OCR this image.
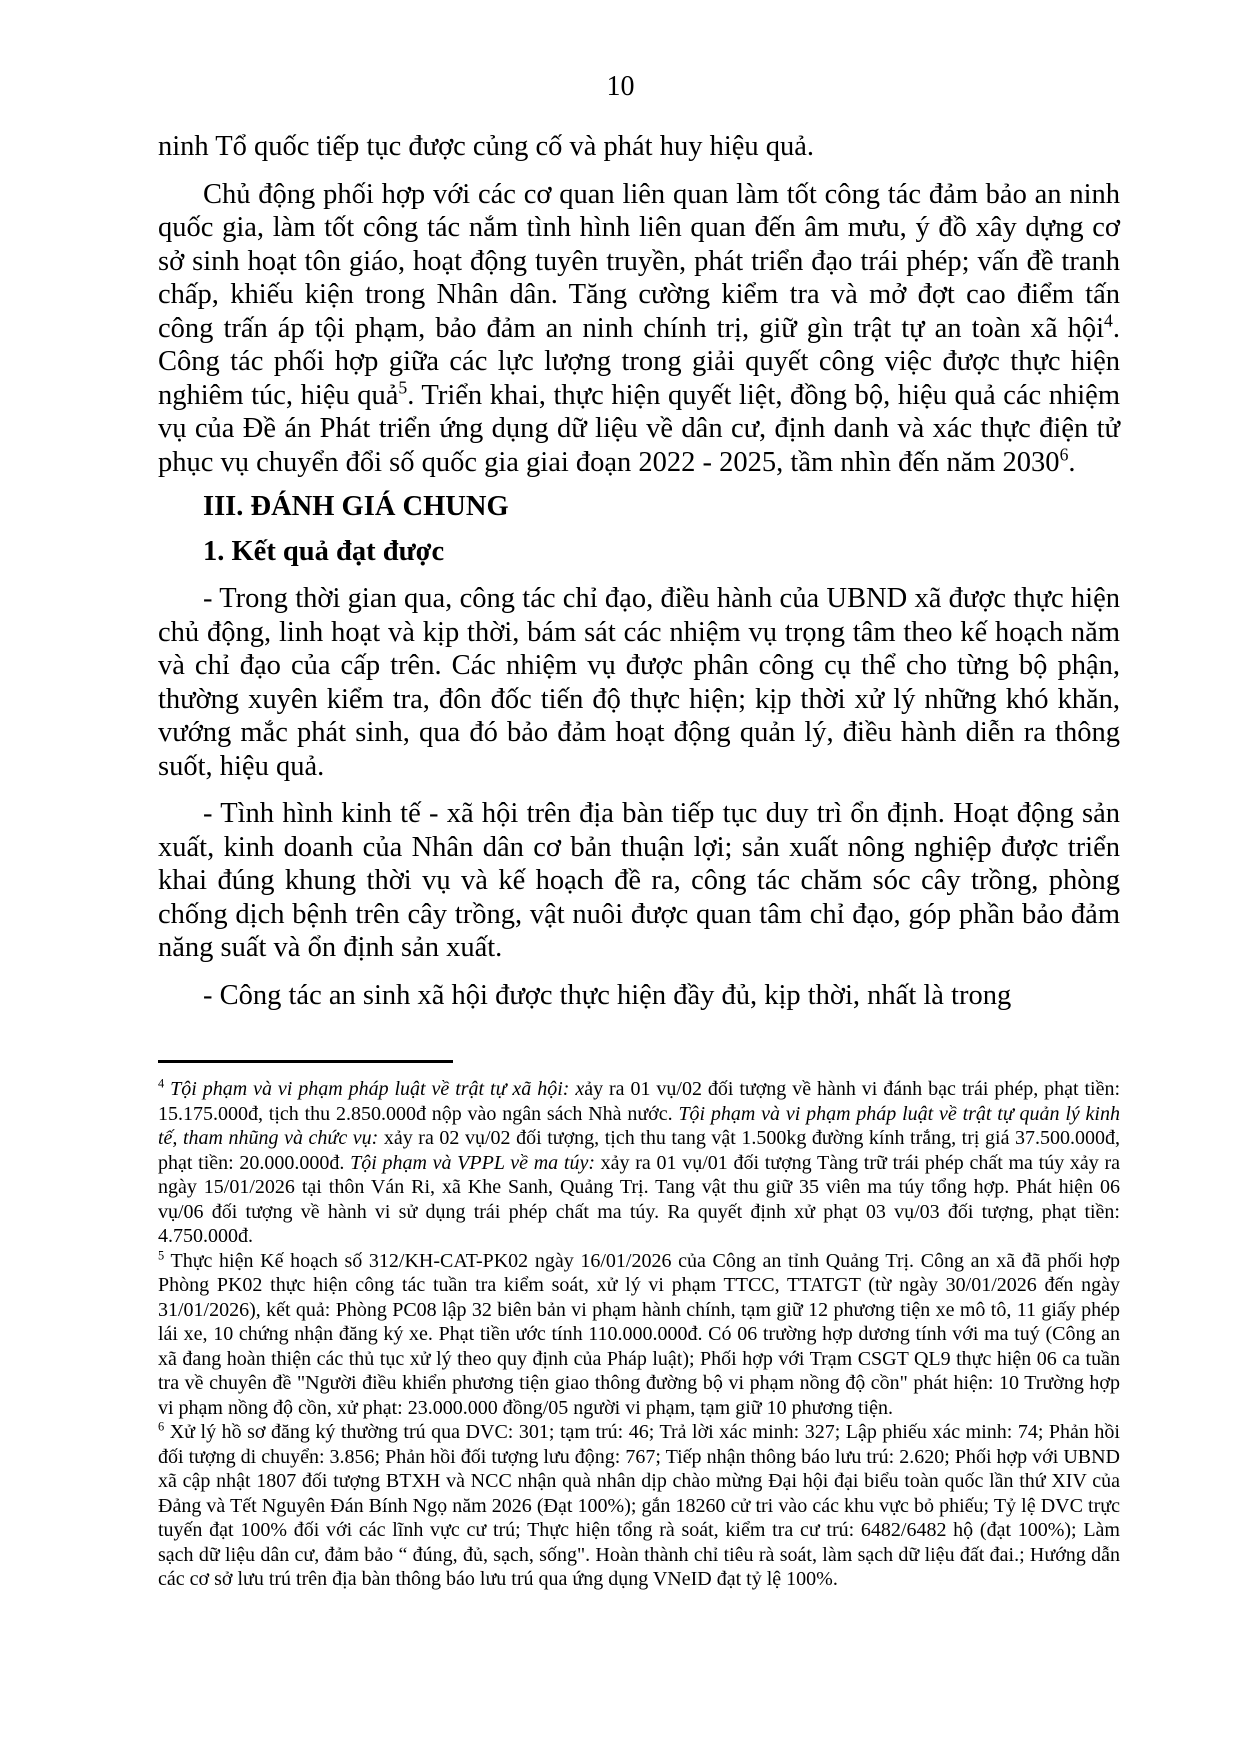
10

ninh Tổ quốc tiếp tục được củng cố và phát huy hiệu quả.

Chủ động phối hợp với các cơ quan liên quan làm tốt công tác đảm bảo an ninh quốc gia, làm tốt công tác nắm tình hình liên quan đến âm mưu, ý đồ xây dựng cơ sở sinh hoạt tôn giáo, hoạt động tuyên truyền, phát triển đạo trái phép; vấn đề tranh chấp, khiếu kiện trong Nhân dân. Tăng cường kiểm tra và mở đợt cao điểm tấn công trấn áp tội phạm, bảo đảm an ninh chính trị, giữ gìn trật tự an toàn xã hội$^4$. Công tác phối hợp giữa các lực lượng trong giải quyết công việc được thực hiện nghiêm túc, hiệu quả$^5$. Triển khai, thực hiện quyết liệt, đồng bộ, hiệu quả các nhiệm vụ của Đề án Phát triển ứng dụng dữ liệu về dân cư, định danh và xác thực điện tử phục vụ chuyển đổi số quốc gia giai đoạn 2022 - 2025, tầm nhìn đến năm 2030$^6$.

III. ĐÁNH GIÁ CHUNG

1. Kết quả đạt được

- Trong thời gian qua, công tác chỉ đạo, điều hành của UBND xã được thực hiện chủ động, linh hoạt và kịp thời, bám sát các nhiệm vụ trọng tâm theo kế hoạch năm và chỉ đạo của cấp trên. Các nhiệm vụ được phân công cụ thể cho từng bộ phận, thường xuyên kiểm tra, đôn đốc tiến độ thực hiện; kịp thời xử lý những khó khăn, vướng mắc phát sinh, qua đó bảo đảm hoạt động quản lý, điều hành diễn ra thông suốt, hiệu quả.

- Tình hình kinh tế - xã hội trên địa bàn tiếp tục duy trì ổn định. Hoạt động sản xuất, kinh doanh của Nhân dân cơ bản thuận lợi; sản xuất nông nghiệp được triển khai đúng khung thời vụ và kế hoạch đề ra, công tác chăm sóc cây trồng, phòng chống dịch bệnh trên cây trồng, vật nuôi được quan tâm chỉ đạo, góp phần bảo đảm năng suất và ổn định sản xuất.

- Công tác an sinh xã hội được thực hiện đầy đủ, kịp thời, nhất là trong

$^4$ Tội phạm và vi phạm pháp luật về trật tự xã hội: xảy ra 01 vụ/02 đối tượng về hành vi đánh bạc trái phép, phạt tiền: 15.175.000đ, tịch thu 2.850.000đ nộp vào ngân sách Nhà nước. Tội phạm và vi phạm pháp luật về trật tự quản lý kinh tế, tham nhũng và chức vụ: xảy ra 02 vụ/02 đối tượng, tịch thu tang vật 1.500kg đường kính trắng, trị giá 37.500.000đ, phạt tiền: 20.000.000đ. Tội phạm và VPPL về ma túy: xảy ra 01 vụ/01 đối tượng Tàng trữ trái phép chất ma túy xảy ra ngày 15/01/2026 tại thôn Ván Ri, xã Khe Sanh, Quảng Trị. Tang vật thu giữ 35 viên ma túy tổng hợp. Phát hiện 06 vụ/06 đối tượng về hành vi sử dụng trái phép chất ma túy. Ra quyết định xử phạt 03 vụ/03 đối tượng, phạt tiền: 4.750.000đ.

$^5$ Thực hiện Kế hoạch số 312/KH-CAT-PK02 ngày 16/01/2026 của Công an tỉnh Quảng Trị. Công an xã đã phối hợp Phòng PK02 thực hiện công tác tuần tra kiểm soát, xử lý vi phạm TTCC, TTATGT (từ ngày 30/01/2026 đến ngày 31/01/2026), kết quả: Phòng PC08 lập 32 biên bản vi phạm hành chính, tạm giữ 12 phương tiện xe mô tô, 11 giấy phép lái xe, 10 chứng nhận đăng ký xe. Phạt tiền ước tính 110.000.000đ. Có 06 trường hợp dương tính với ma tuý (Công an xã đang hoàn thiện các thủ tục xử lý theo quy định của Pháp luật); Phối hợp với Trạm CSGT QL9 thực hiện 06 ca tuần tra về chuyên đề "Người điều khiển phương tiện giao thông đường bộ vi phạm nồng độ cồn" phát hiện: 10 Trường hợp vi phạm nồng độ cồn, xử phạt: 23.000.000 đồng/05 người vi phạm, tạm giữ 10 phương tiện.

$^6$ Xử lý hồ sơ đăng ký thường trú qua DVC: 301; tạm trú: 46; Trả lời xác minh: 327; Lập phiếu xác minh: 74; Phản hồi đối tượng di chuyển: 3.856; Phản hồi đối tượng lưu động: 767; Tiếp nhận thông báo lưu trú: 2.620; Phối hợp với UBND xã cập nhật 1807 đối tượng BTXH và NCC nhận quà nhân dịp chào mừng Đại hội đại biểu toàn quốc lần thứ XIV của Đảng và Tết Nguyên Đán Bính Ngọ năm 2026 (Đạt 100%); gắn 18260 cử tri vào các khu vực bỏ phiếu; Tỷ lệ DVC trực tuyến đạt 100% đối với các lĩnh vực cư trú; Thực hiện tổng rà soát, kiểm tra cư trú: 6482/6482 hộ (đạt 100%); Làm sạch dữ liệu dân cư, đảm bảo “ đúng, đủ, sạch, sống". Hoàn thành chỉ tiêu rà soát, làm sạch dữ liệu đất đai.; Hướng dẫn các cơ sở lưu trú trên địa bàn thông báo lưu trú qua ứng dụng VNeID đạt tỷ lệ 100%.
